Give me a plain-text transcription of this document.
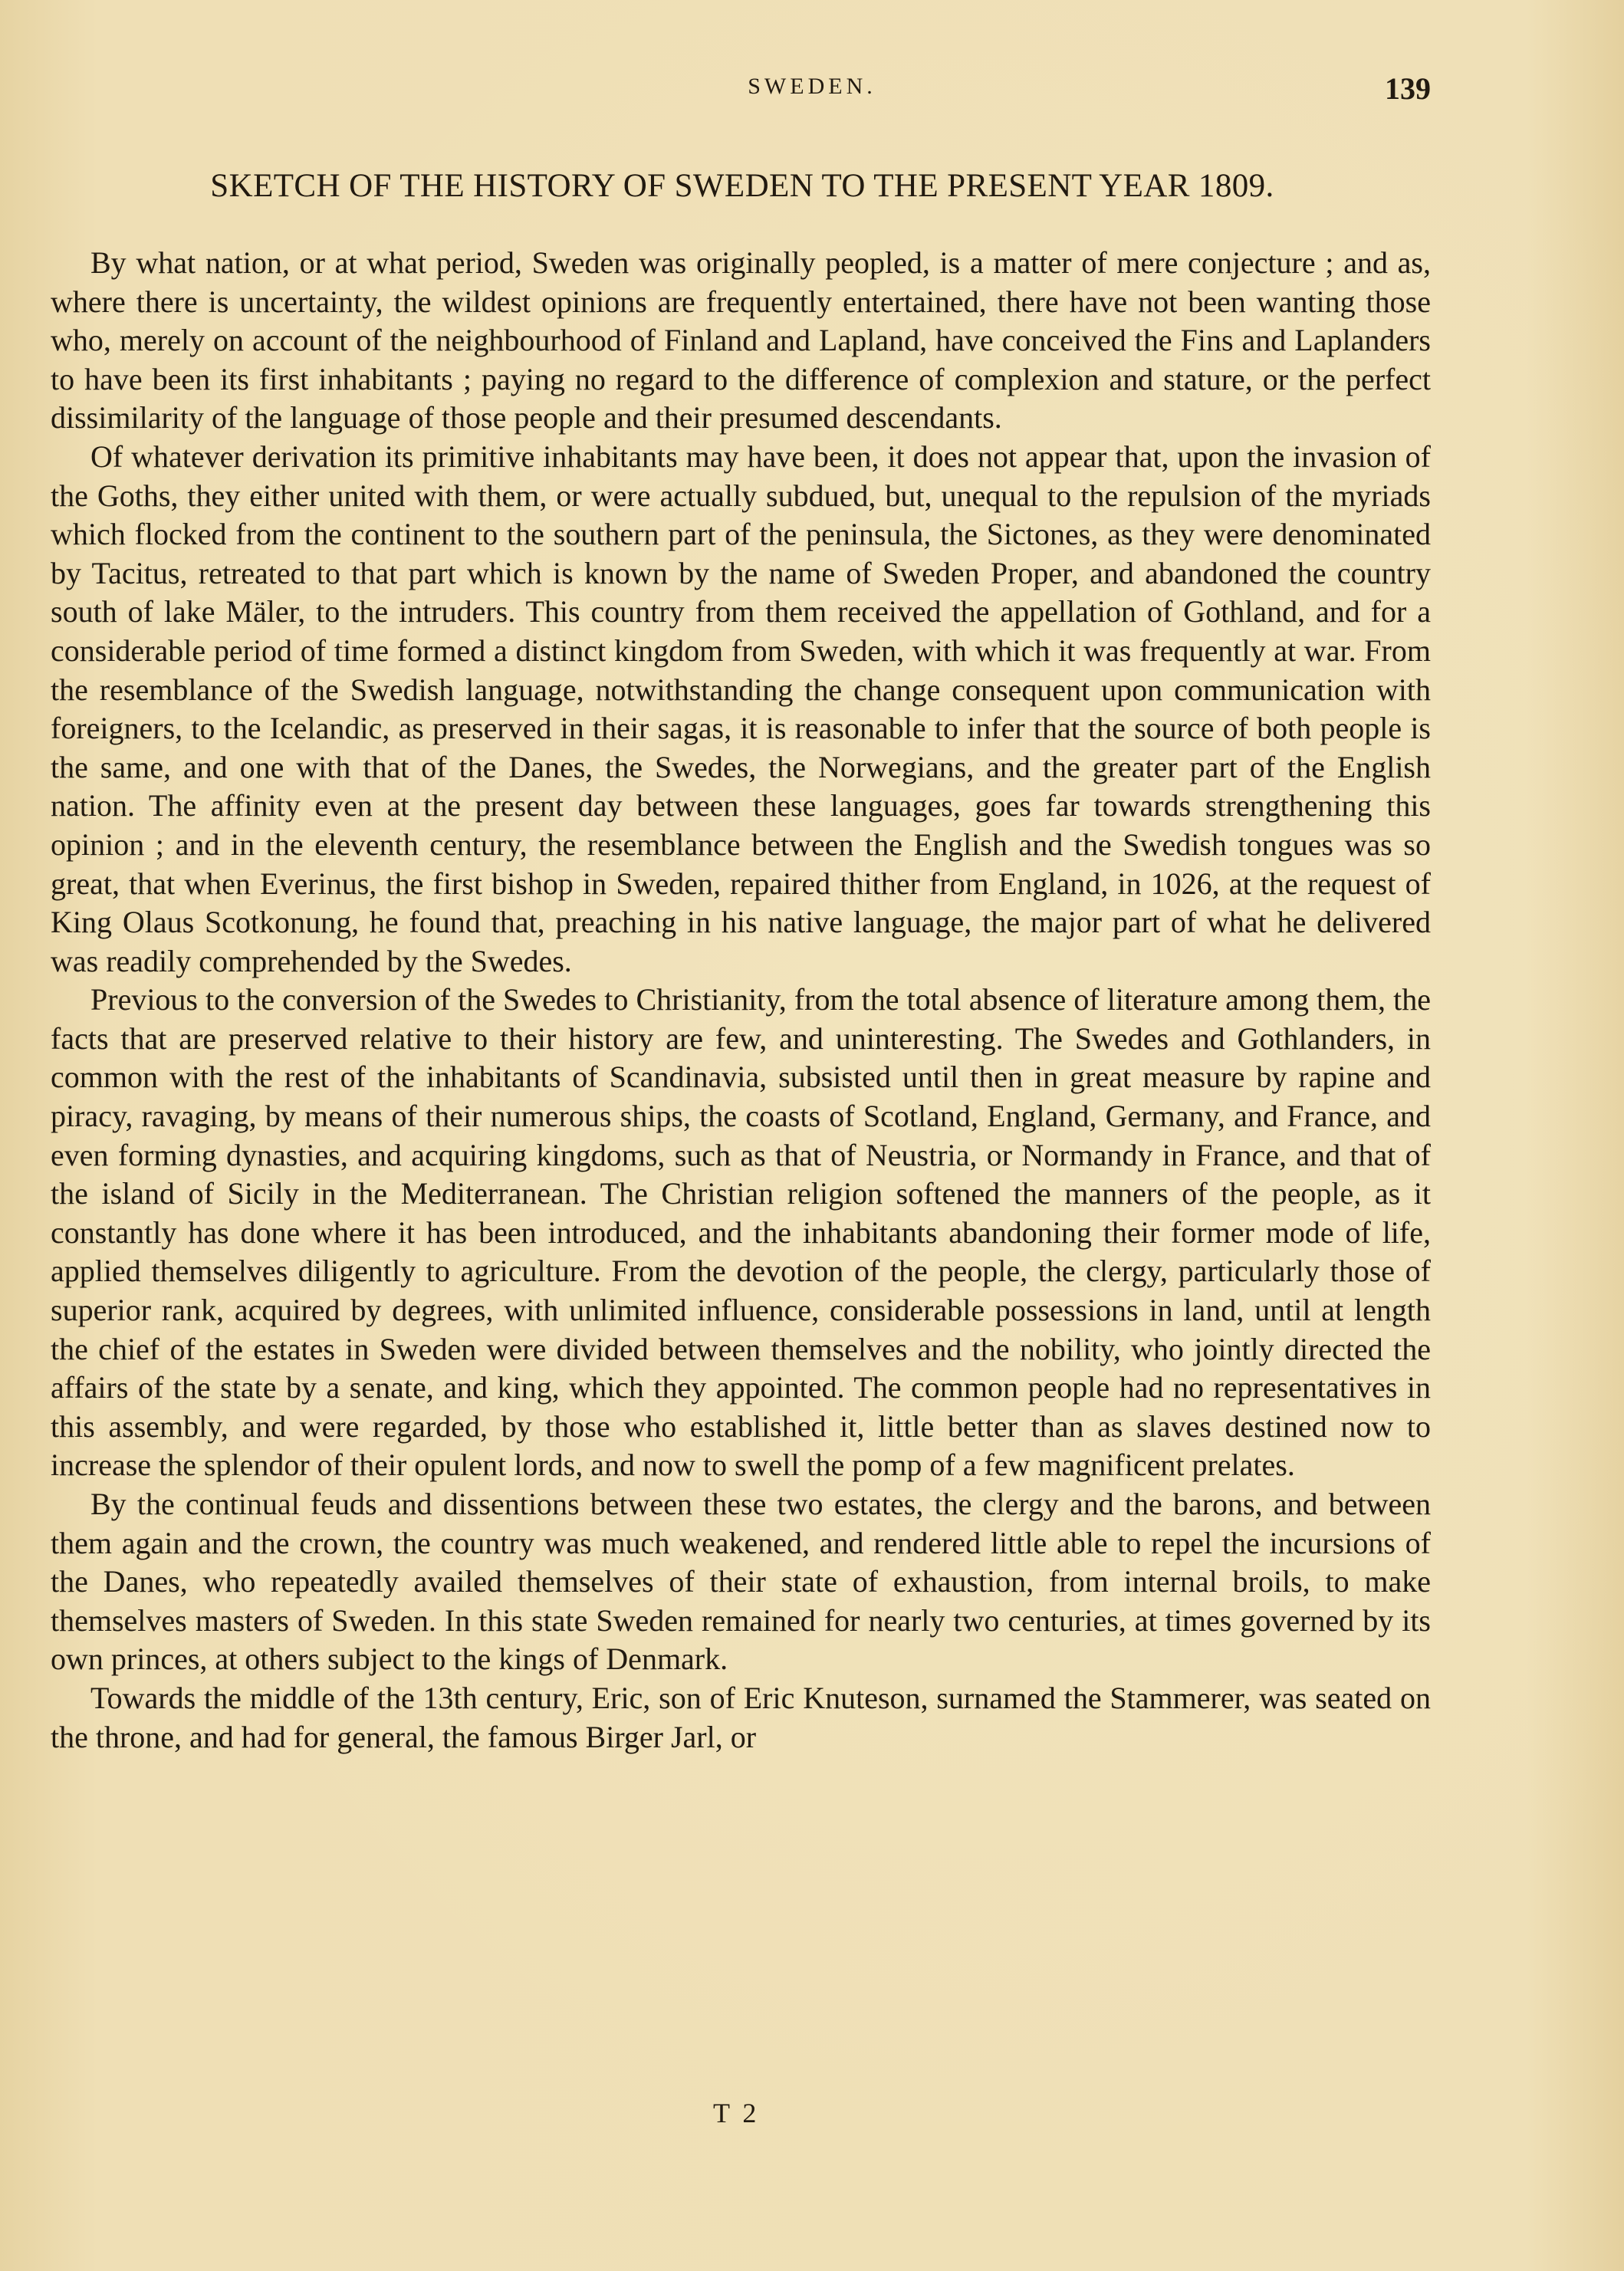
SWEDEN.	139
SKETCH OF THE HISTORY OF SWEDEN TO THE PRESENT YEAR 1809.

By what nation, or at what period, Sweden was originally peopled, is a matter of mere conjecture ; and as, where there is uncertainty, the wildest opinions are frequently entertained, there have not been wanting those who, merely on account of the neighbourhood of Finland and Lapland, have conceived the Fins and Laplanders to have been its first inhabitants ; paying no regard to the difference of complexion and stature, or the perfect dissimilarity of the language of those people and their presumed descendants.

Of whatever derivation its primitive inhabitants may have been, it does not appear that, upon the invasion of the Goths, they either united with them, or were actually subdued, but, unequal to the repulsion of the myriads which flocked from the continent to the southern part of the peninsula, the Sictones, as they were denominated by Tacitus, retreated to that part which is known by the name of Sweden Proper, and abandoned the country south of lake Mäler, to the intruders. This country from them received the appellation of Gothland, and for a considerable period of time formed a distinct kingdom from Sweden, with which it was frequently at war. From the resemblance of the Swedish language, notwithstanding the change consequent upon communication with foreigners, to the Icelandic, as preserved in their sagas, it is reasonable to infer that the source of both people is the same, and one with that of the Danes, the Swedes, the Norwegians, and the greater part of the English nation. The affinity even at the present day between these languages, goes far towards strengthening this opinion ; and in the eleventh century, the resemblance between the English and the Swedish tongues was so great, that when Everinus, the first bishop in Sweden, repaired thither from England, in 1026, at the request of King Olaus Scotkonung, he found that, preaching in his native language, the major part of what he delivered was readily comprehended by the Swedes.

Previous to the conversion of the Swedes to Christianity, from the total absence of literature among them, the facts that are preserved relative to their history are few, and uninteresting. The Swedes and Gothlanders, in common with the rest of the inhabitants of Scandinavia, subsisted until then in great measure by rapine and piracy, ravaging, by means of their numerous ships, the coasts of Scotland, England, Germany, and France, and even forming dynasties, and acquiring kingdoms, such as that of Neustria, or Normandy in France, and that of the island of Sicily in the Mediterranean. The Christian religion softened the manners of the people, as it constantly has done where it has been introduced, and the inhabitants abandoning their former mode of life, applied themselves diligently to agriculture. From the devotion of the people, the clergy, particularly those of superior rank, acquired by degrees, with unlimited influence, considerable possessions in land, until at length the chief of the estates in Sweden were divided between themselves and the nobility, who jointly directed the affairs of the state by a senate, and king, which they appointed. The common people had no representatives in this assembly, and were regarded, by those who established it, little better than as slaves destined now to increase the splendor of their opulent lords, and now to swell the pomp of a few magnificent prelates.

By the continual feuds and dissentions between these two estates, the clergy and the barons, and between them again and the crown, the country was much weakened, and rendered little able to repel the incursions of the Danes, who repeatedly availed themselves of their state of exhaustion, from internal broils, to make themselves masters of Sweden. In this state Sweden remained for nearly two centuries, at times governed by its own princes, at others subject to the kings of Denmark.

Towards the middle of the 13th century, Eric, son of Eric Knuteson, surnamed the Stammerer, was seated on the throne, and had for general, the famous Birger Jarl, or

T 2
